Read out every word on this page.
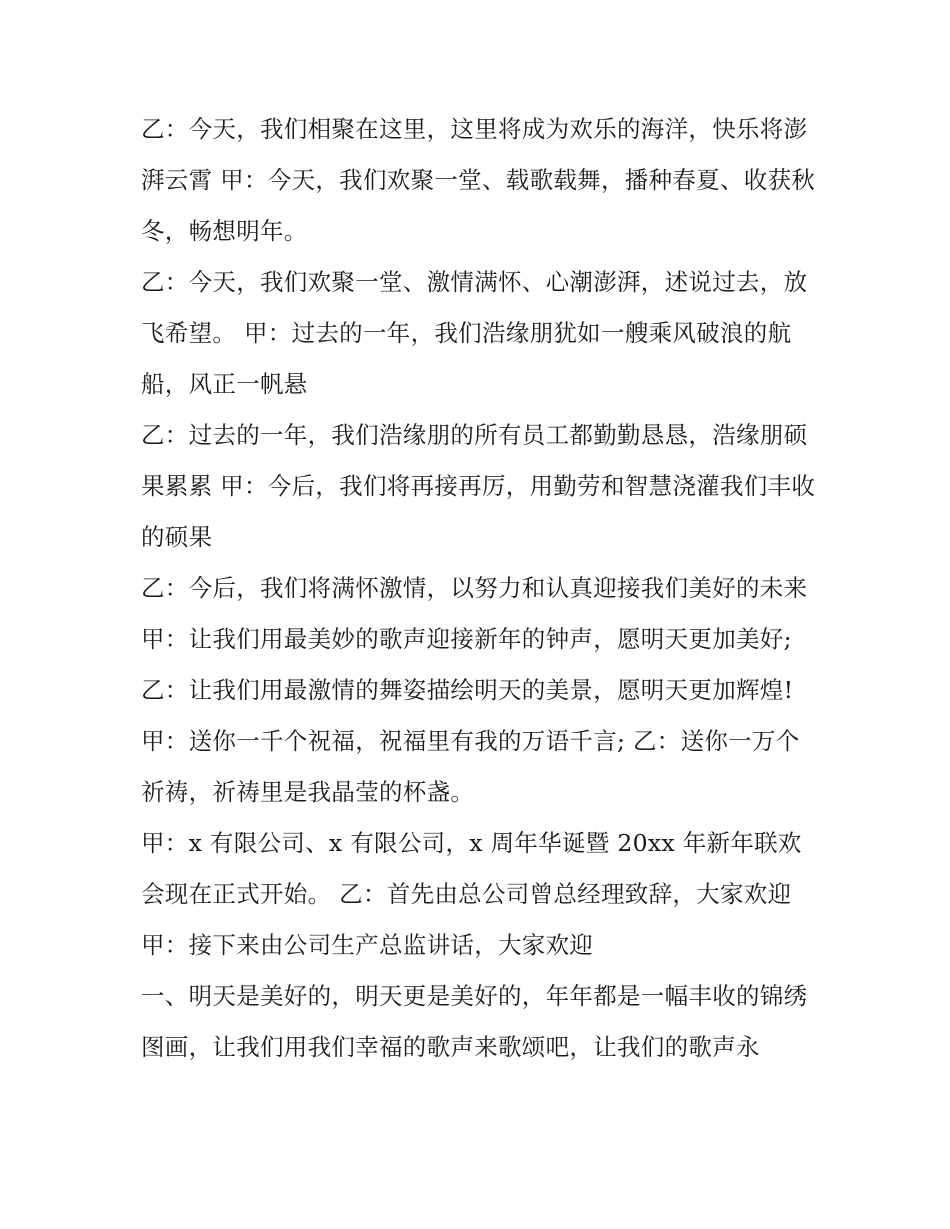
乙：今天，我们相聚在这里，这里将成为欢乐的海洋，快乐将澎湃云霄 甲：今天，我们欢聚一堂、载歌载舞，播种春夏、收获秋冬，畅想明年。

乙：今天，我们欢聚一堂、激情满怀、心潮澎湃，述说过去，放飞希望。 甲：过去的一年，我们浩缘朋犹如一艘乘风破浪的航船，风正一帆悬

乙：过去的一年，我们浩缘朋的所有员工都勤勤恳恳，浩缘朋硕果累累 甲：今后，我们将再接再厉，用勤劳和智慧浇灌我们丰收的硕果

乙：今后，我们将满怀激情，以努力和认真迎接我们美好的未来 甲：让我们用最美妙的歌声迎接新年的钟声，愿明天更加美好;

乙：让我们用最激情的舞姿描绘明天的美景，愿明天更加辉煌! 甲：送你一千个祝福，祝福里有我的万语千言; 乙：送你一万个祈祷，祈祷里是我晶莹的杯盏。

甲：x 有限公司、x 有限公司，x 周年华诞暨 20xx 年新年联欢会现在正式开始。 乙：首先由总公司曾总经理致辞，大家欢迎 甲：接下来由公司生产总监讲话，大家欢迎

一、明天是美好的，明天更是美好的，年年都是一幅丰收的锦绣图画，让我们用我们幸福的歌声来歌颂吧，让我们的歌声永
